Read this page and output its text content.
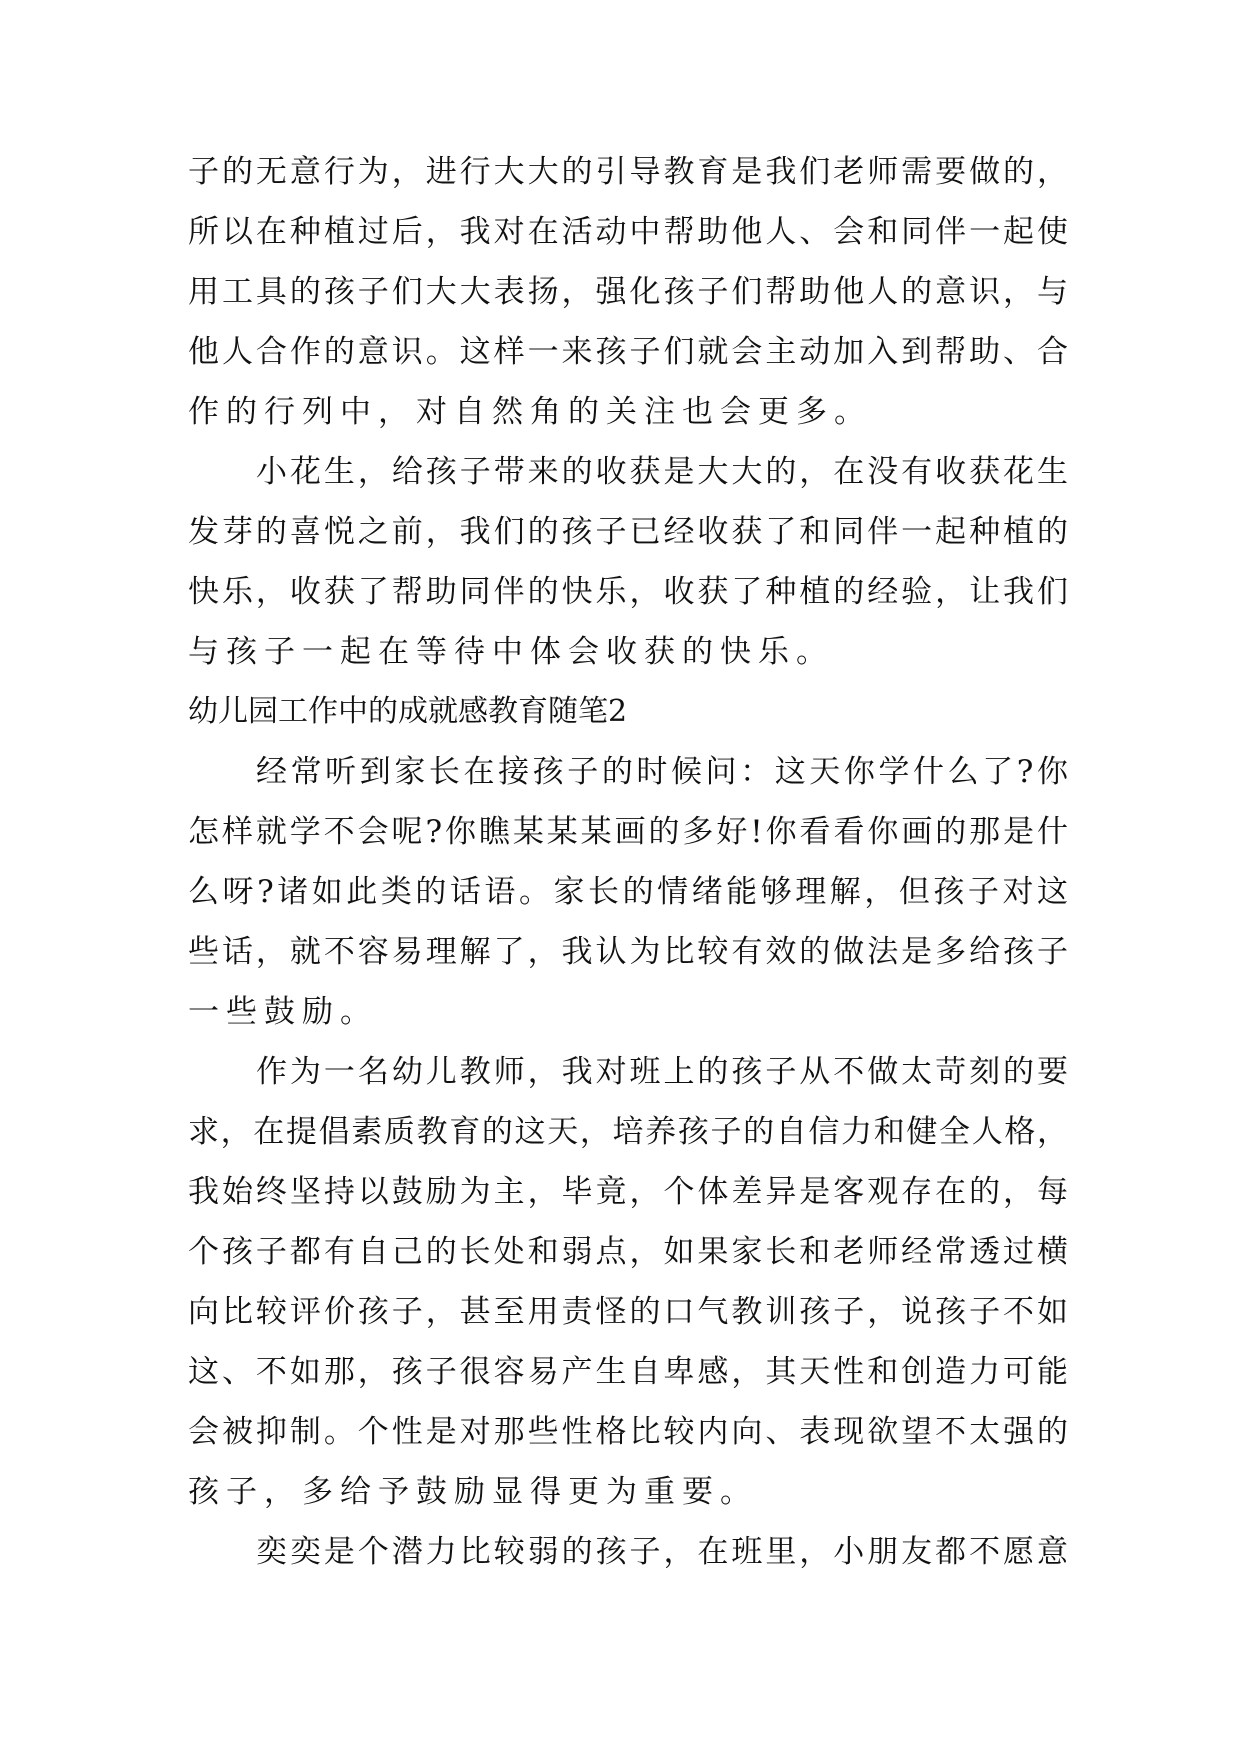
子的无意行为，进行大大的引导教育是我们老师需要做的，
所以在种植过后，我对在活动中帮助他人、会和同伴一起使
用工具的孩子们大大表扬，强化孩子们帮助他人的意识，与
他人合作的意识。这样一来孩子们就会主动加入到帮助、合
作的行列中，对自然角的关注也会更多。
小花生，给孩子带来的收获是大大的，在没有收获花生
发芽的喜悦之前，我们的孩子已经收获了和同伴一起种植的
快乐，收获了帮助同伴的快乐，收获了种植的经验，让我们
与孩子一起在等待中体会收获的快乐。
幼儿园工作中的成就感教育随笔2
经常听到家长在接孩子的时候问：这天你学什么了?你
怎样就学不会呢?你瞧某某某画的多好!你看看你画的那是什
么呀?诸如此类的话语。家长的情绪能够理解，但孩子对这
些话，就不容易理解了，我认为比较有效的做法是多给孩子
一些鼓励。
作为一名幼儿教师，我对班上的孩子从不做太苛刻的要
求，在提倡素质教育的这天，培养孩子的自信力和健全人格，
我始终坚持以鼓励为主，毕竟，个体差异是客观存在的，每
个孩子都有自己的长处和弱点，如果家长和老师经常透过横
向比较评价孩子，甚至用责怪的口气教训孩子，说孩子不如
这、不如那，孩子很容易产生自卑感，其天性和创造力可能
会被抑制。个性是对那些性格比较内向、表现欲望不太强的
孩子，多给予鼓励显得更为重要。
奕奕是个潜力比较弱的孩子，在班里，小朋友都不愿意
